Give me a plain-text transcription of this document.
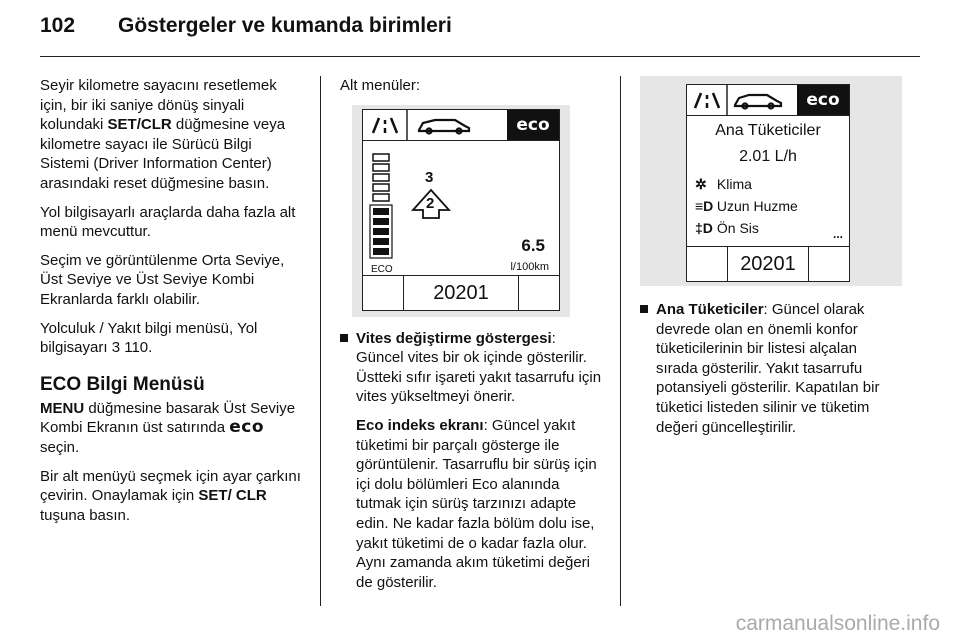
102 Göstergeler ve kumanda birimleri

Seyir kilometre sayacını resetlemek için, bir iki saniye dönüş sinyali kolundaki SET/CLR düğmesine veya kilometre sayacı ile Sürücü Bilgi Sistemi (Driver Information Center) arasındaki reset düğmesine basın.

Yol bilgisayarlı araçlarda daha fazla alt menü mevcuttur.

Seçim ve görüntülenme Orta Seviye, Üst Seviye ve Üst Seviye Kombi Ekranlarda farklı olabilir.

Yolculuk / Yakıt bilgi menüsü, Yol bilgisayarı 3 110.

ECO Bilgi Menüsü

MENU düğmesine basarak Üst Seviye Kombi Ekranın üst satırında eco seçin.

Bir alt menüyü seçmek için ayar çarkını çevirin. Onaylamak için SET/ CLR tuşuna basın.

Alt menüler:

eco
ECO
3
2
6.5
l/100km
20201
Vites değiştirme göstergesi: Güncel vites bir ok içinde gösterilir. Üstteki sıfır işareti yakıt tasarrufu için vites yükseltmeyi önerir.
Eco indeks ekranı: Güncel yakıt tüketimi bir parçalı gösterge ile görüntülenir. Tasarruflu bir sürüş için içi dolu bölümleri Eco alanında tutmak için sürüş tarzınızı adapte edin. Ne kadar fazla bölüm dolu ise, yakıt tüketimi de o kadar fazla olur. Aynı zamanda akım tüketimi değeri de gösterilir.
eco
Ana Tüketiciler
2.01 L/h
✲ Klima
≡D Uzun Huzme
‡D Ön Sis	...
20201
Ana Tüketiciler: Güncel olarak devrede olan en önemli konfor tüketicilerinin bir listesi alçalan sırada gösterilir. Yakıt tasarrufu potansiyeli gösterilir. Kapatılan bir tüketici listeden silinir ve tüketim değeri güncelleştirilir.
carmanualsonline.info
